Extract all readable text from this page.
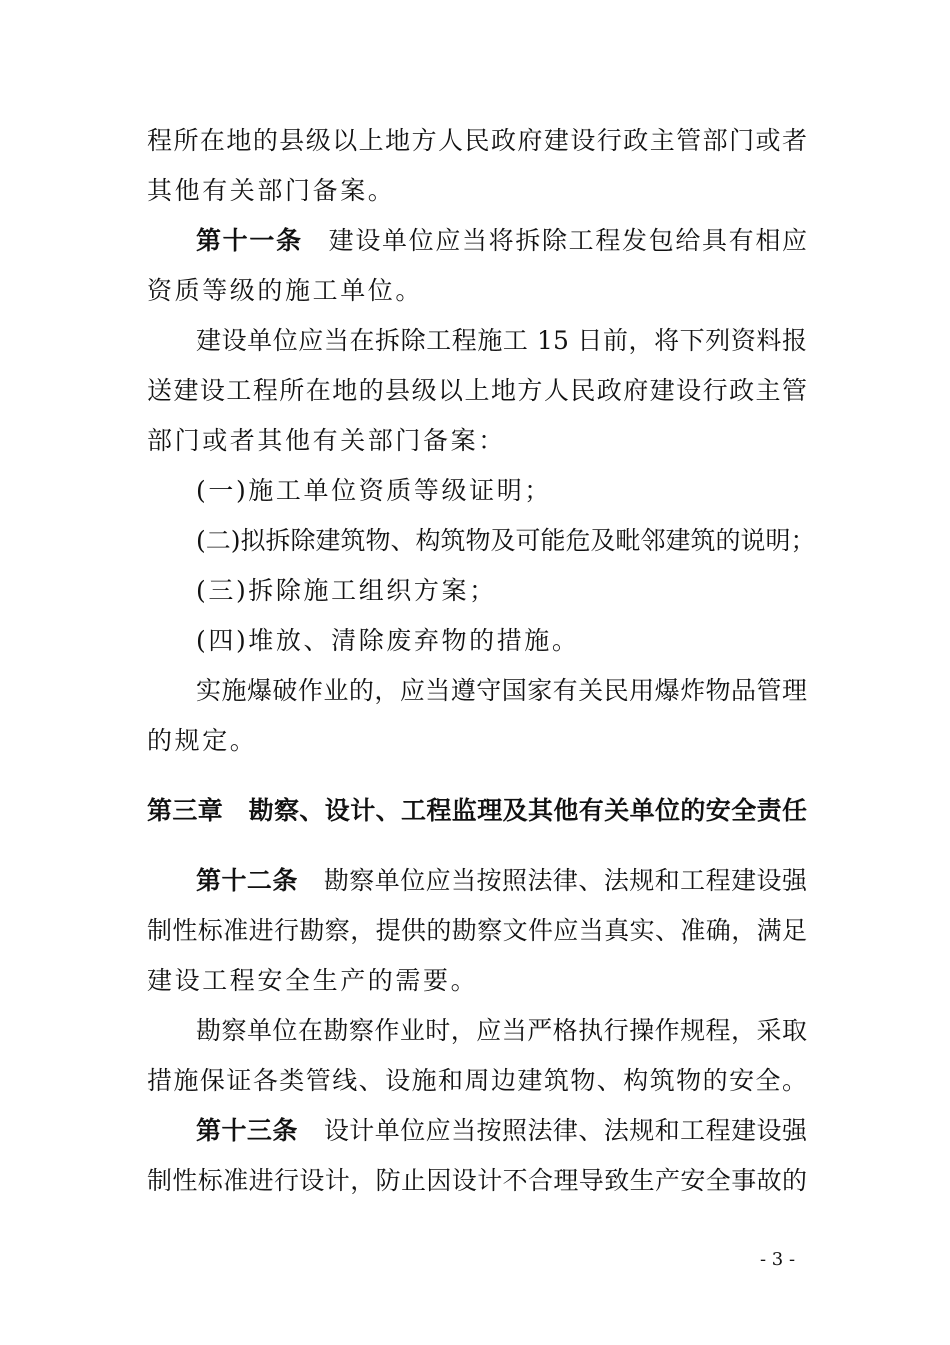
程所在地的县级以上地方人民政府建设行政主管部门或者
其他有关部门备案。
第十一条 建设单位应当将拆除工程发包给具有相应
资质等级的施工单位。
建设单位应当在拆除工程施工 15 日前，将下列资料报
送建设工程所在地的县级以上地方人民政府建设行政主管
部门或者其他有关部门备案：
(一)施工单位资质等级证明；
(二)拟拆除建筑物、构筑物及可能危及毗邻建筑的说明；
(三)拆除施工组织方案；
(四)堆放、清除废弃物的措施。
实施爆破作业的，应当遵守国家有关民用爆炸物品管理
的规定。
第三章　勘察、设计、工程监理及其他有关单位的安全责任
第十二条 勘察单位应当按照法律、法规和工程建设强
制性标准进行勘察，提供的勘察文件应当真实、准确，满足
建设工程安全生产的需要。
勘察单位在勘察作业时，应当严格执行操作规程，采取
措施保证各类管线、设施和周边建筑物、构筑物的安全。
第十三条 设计单位应当按照法律、法规和工程建设强
制性标准进行设计，防止因设计不合理导致生产安全事故的
- 3 -
